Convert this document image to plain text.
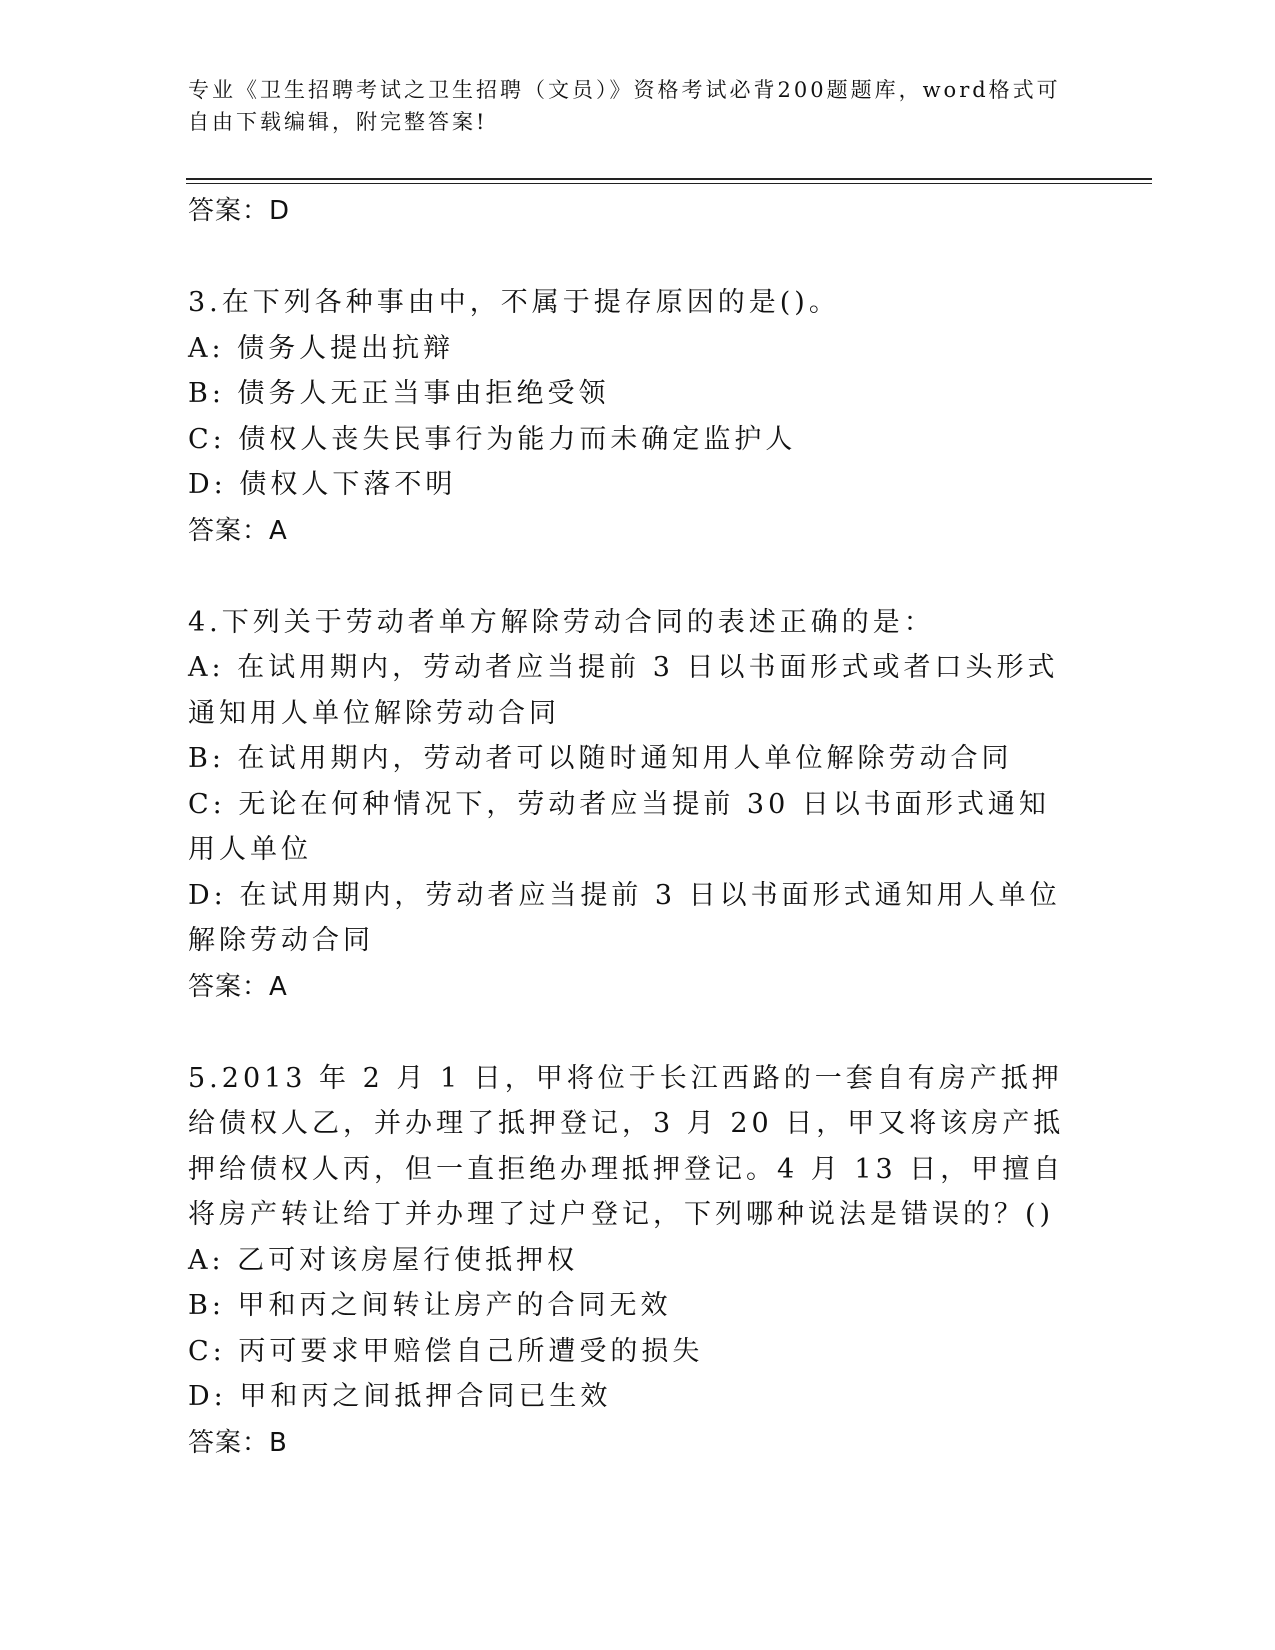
专业《卫生招聘考试之卫生招聘（文员）》资格考试必背200题题库，word格式可自由下载编辑，附完整答案!

答案：D

3.在下列各种事由中，不属于提存原因的是()。

A: 债务人提出抗辩

B: 债务人无正当事由拒绝受领

C: 债权人丧失民事行为能力而未确定监护人

D: 债权人下落不明

答案：A

4.下列关于劳动者单方解除劳动合同的表述正确的是：

A: 在试用期内，劳动者应当提前 3 日以书面形式或者口头形式通知用人单位解除劳动合同

B: 在试用期内，劳动者可以随时通知用人单位解除劳动合同

C: 无论在何种情况下，劳动者应当提前 30 日以书面形式通知用人单位

D: 在试用期内，劳动者应当提前 3 日以书面形式通知用人单位解除劳动合同

答案：A

5.2013 年 2 月 1 日，甲将位于长江西路的一套自有房产抵押给债权人乙，并办理了抵押登记，3 月 20 日，甲又将该房产抵押给债权人丙，但一直拒绝办理抵押登记。4 月 13 日，甲擅自将房产转让给丁并办理了过户登记，下列哪种说法是错误的？()

A: 乙可对该房屋行使抵押权

B: 甲和丙之间转让房产的合同无效

C: 丙可要求甲赔偿自己所遭受的损失

D: 甲和丙之间抵押合同已生效

答案：B
